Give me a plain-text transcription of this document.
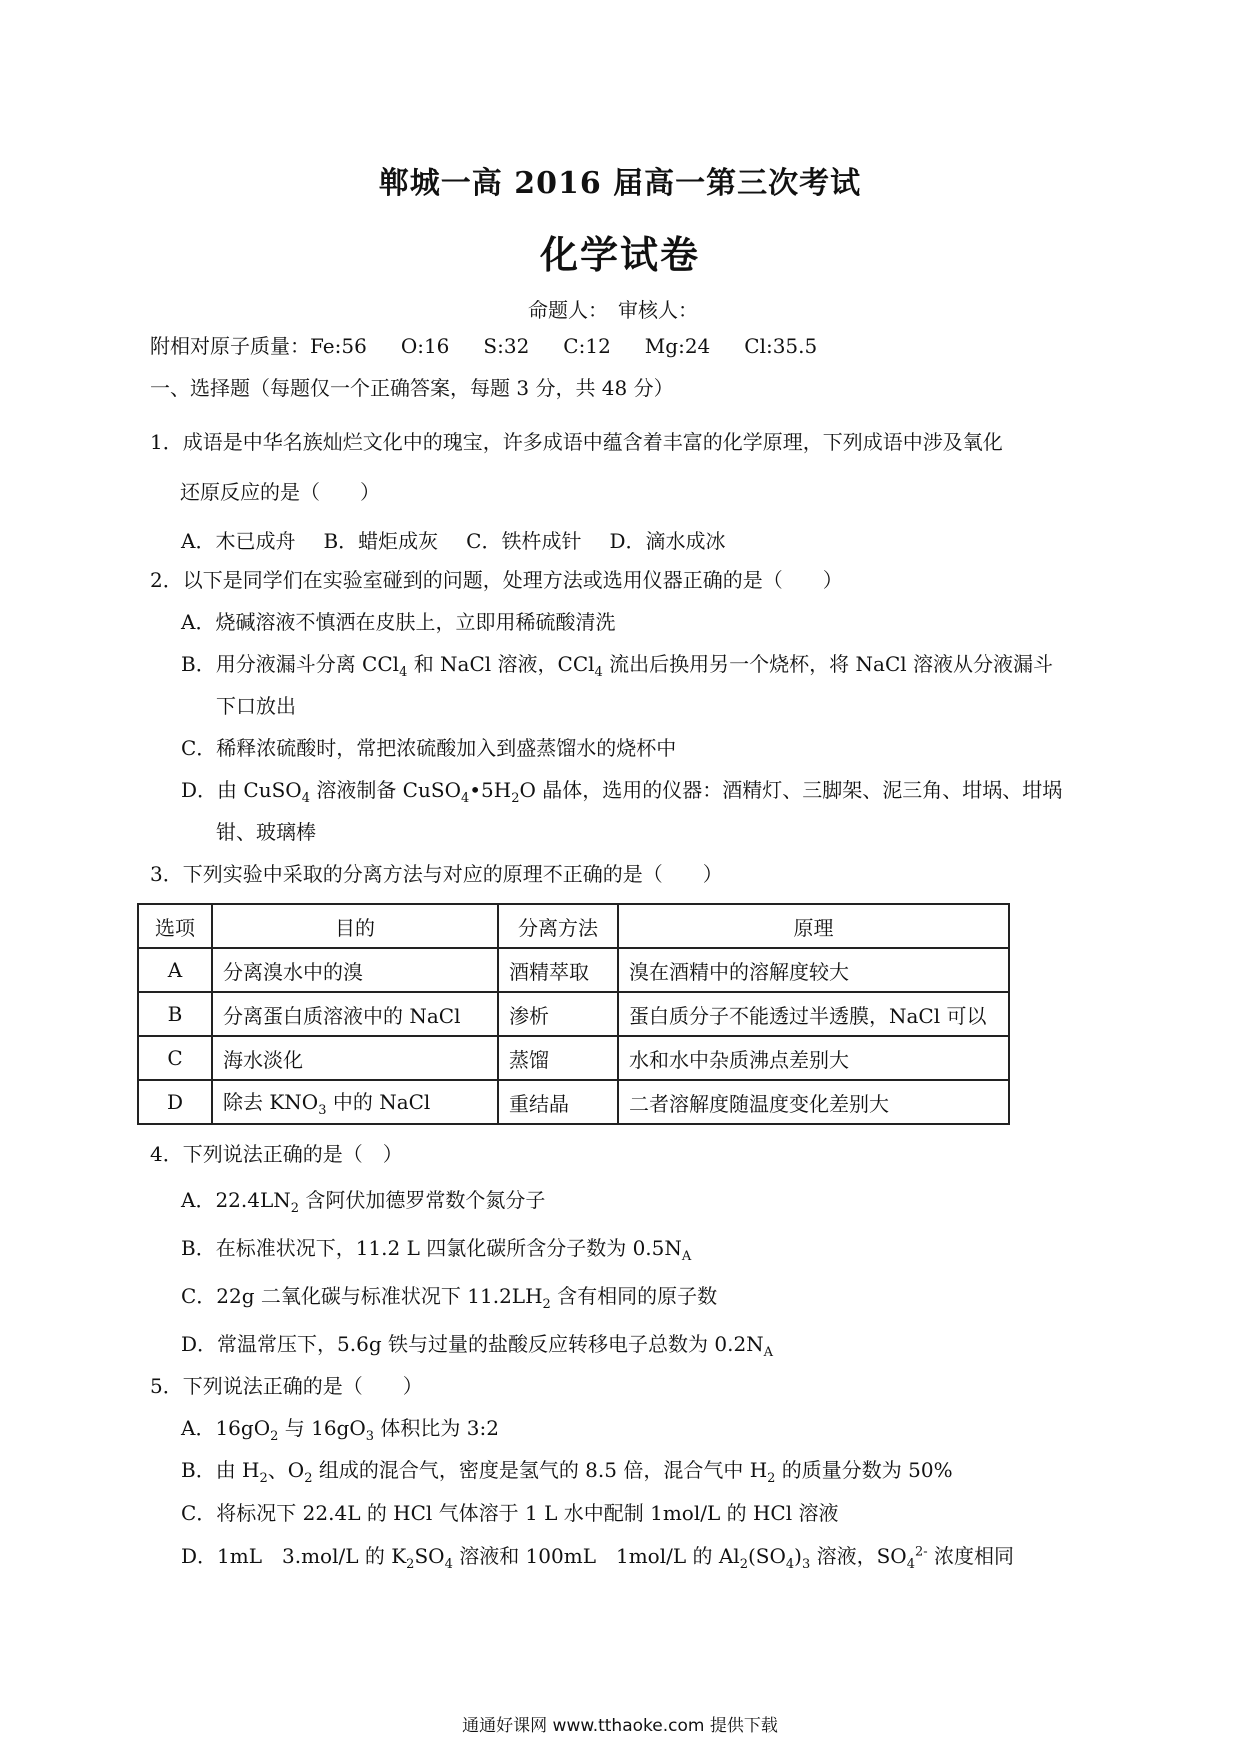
郸城一高 2016 届高一第三次考试
化学试卷
命题人：　审核人：
附相对原子质量：Fe:56 O:16 S:32 C:12 Mg:24 Cl:35.5
一、选择题（每题仅一个正确答案，每题 3 分，共 48 分）
1．成语是中华名族灿烂文化中的瑰宝，许多成语中蕴含着丰富的化学原理，下列成语中涉及氧化
还原反应的是（　　）
A．木已成舟 B．蜡炬成灰 C．铁杵成针 D．滴水成冰
2．以下是同学们在实验室碰到的问题，处理方法或选用仪器正确的是（　　）
A．烧碱溶液不慎洒在皮肤上，立即用稀硫酸清洗
B．用分液漏斗分离 CCl$_4$ 和 NaCl 溶液，CCl$_4$ 流出后换用另一个烧杯，将 NaCl 溶液从分液漏斗
下口放出
C．稀释浓硫酸时，常把浓硫酸加入到盛蒸馏水的烧杯中
D．由 CuSO$_4$ 溶液制备 $CuSO_4•5H_2O$ 晶体，选用的仪器：酒精灯、三脚架、泥三角、坩埚、坩埚
钳、玻璃棒
3．下列实验中采取的分离方法与对应的原理不正确的是（　　）
选项	目的	分离方法	原理
A	分离溴水中的溴	酒精萃取	溴在酒精中的溶解度较大
B	分离蛋白质溶液中的 NaCl	渗析	蛋白质分子不能透过半透膜，NaCl 可以
C	海水淡化	蒸馏	水和水中杂质沸点差别大
D	除去 $KNO_3$ 中的 NaCl	重结晶	二者溶解度随温度变化差别大
4．下列说法正确的是（　）
A．$22.4LN_2$ 含阿伏加德罗常数个氮分子
B．在标准状况下，11.2 L 四氯化碳所含分子数为 $0.5N_A$
C．22g 二氧化碳与标准状况下 $11.2LH_2$ 含有相同的原子数
D．常温常压下，5.6g 铁与过量的盐酸反应转移电子总数为 $0.2N_A$
5．下列说法正确的是（　　）
A．$16gO_2$ 与 $16gO_3$ 体积比为 3:2
B．由 $H_2$、$O_2$ 组成的混合气，密度是氢气的 8.5 倍，混合气中 $H_2$ 的质量分数为 50%
C．将标况下 22.4L 的 HCl 气体溶于 1 L 水中配制 1mol/L 的 HCl 溶液
D．1mL　3.mol/L 的 $K_2SO_4$ 溶液和 100mL　1mol/L 的 $Al_2(SO_4)_3$ 溶液，$SO_4^{2-}$ 浓度相同
通通好课网 www.tthaoke.com 提供下载
